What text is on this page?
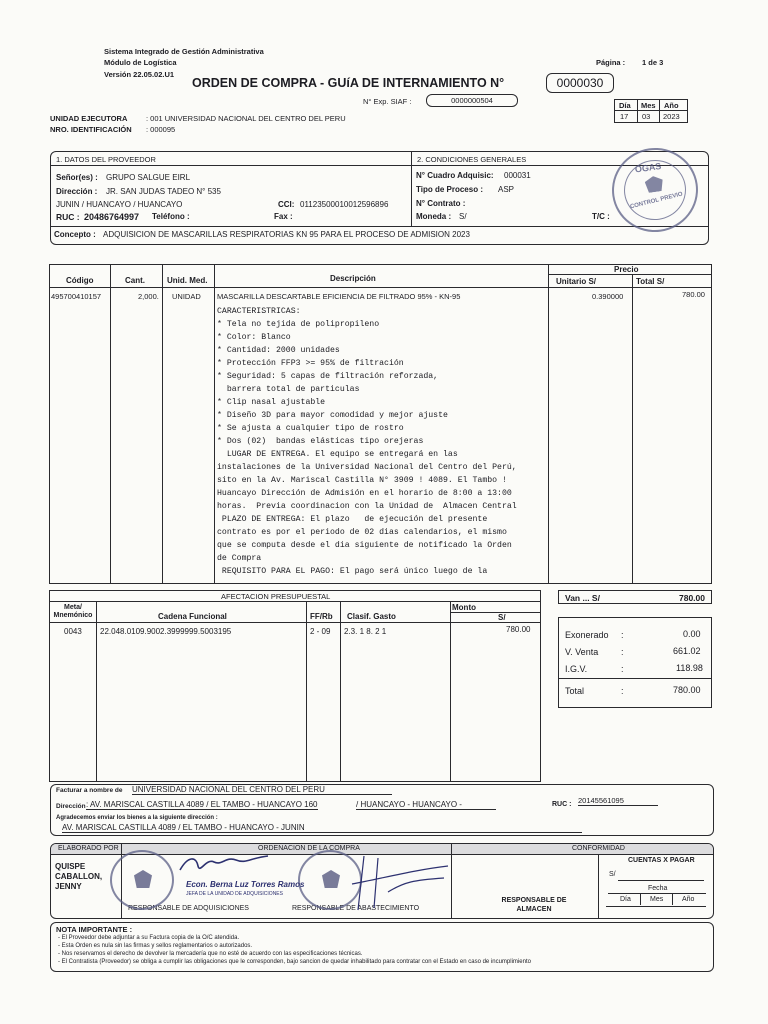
Sistema Integrado de Gestión Administrativa
Módulo de Logística
Versión 22.05.02.U1
Página : 1 de 3
ORDEN DE COMPRA - GUíA DE INTERNAMIENTO N°	0000030
N° Exp. SIAF :	0000000504
Día Mes Año
17 03 2023
UNIDAD EJECUTORA : 001 UNIVERSIDAD NACIONAL DEL CENTRO DEL PERU
NRO. IDENTIFICACIÓN : 000095
1. DATOS DEL PROVEEDOR	2. CONDICIONES GENERALES
Señor(es) : GRUPO SALGUE EIRL
Dirección : JR. SAN JUDAS TADEO N° 535
JUNIN / HUANCAYO / HUANCAYO	CCI: 01123500010012596896
RUC : 20486764997 Teléfono :	Fax :
N° Cuadro Adquisic: 000031
Tipo de Proceso : ASP
N° Contrato :
Moneda : S/	T/C :
Concepto : ADQUISICION DE MASCARILLAS RESPIRATORIAS KN 95 PARA EL PROCESO DE ADMISION 2023
OGAS
CONTROL PREVIO
Código	Cant.	Unid. Med.	Descripción
Precio
Unitario S/	Total S/
495700410157	2,000. UNIDAD MASCARILLA DESCARTABLE EFICIENCIA DE FILTRADO 95% - KN-95	0.390000	780.00
CARACTERISTRICAS:
* Tela no tejida de polipropileno
* Color: Blanco
* Cantidad: 2000 unidades
* Protección FFP3 >= 95% de filtración
* Seguridad: 5 capas de filtración reforzada,
barrera total de particulas
* Clip nasal ajustable
* Diseño 3D para mayor comodidad y mejor ajuste
* Se ajusta a cualquier tipo de rostro
* Dos (02)  bandas elásticas tipo orejeras
LUGAR DE ENTREGA. El equipo se entregará en las
instalaciones de la Universidad Nacional del Centro del Perú,
sito en la Av. Mariscal Castilla N° 3909 ! 4089. El Tambo !
Huancayo Dirección de Admisión en el horario de 8:00 a 13:00
horas.  Previa coordinacion con la Unidad de  Almacen Central
PLAZO DE ENTREGA: El plazo   de ejecución del presente
contrato es por el periodo de 02 dias calendarios, el mismo
que se computa desde el dia siguiente de notificado la Orden
de Compra
REQUISITO PARA EL PAGO: El pago será único luego de la
AFECTACION PRESUPUESTAL
Meta/ Mnemónico	Cadena Funcional	FF/Rb Clasif. Gasto
Monto
S/
0043 22.048.0109.9002.3999999.5003195	2 - 09 2.3. 1 8. 2 1	780.00
Van ... S/	780.00
Exonerado :	0.00
V. Venta	:	661.02
I.G.V.	:	118.98
Total	:	780.00
Facturar a nombre de UNIVERSIDAD NACIONAL DEL CENTRO DEL PERU
Dirección : AV. MARISCAL CASTILLA 4089 / EL TAMBO - HUANCAYO 160	/ HUANCAYO - HUANCAYO -	RUC : 20145561095
Agradecemos enviar los bienes a la siguiente dirección :
AV. MARISCAL CASTILLA 4089 / EL TAMBO - HUANCAYO - JUNIN
ELABORADO POR	ORDENACION DE LA COMPRA	CONFORMIDAD
QUISPE CABALLON, JENNY
RESPONSABLE DE ADQUISICIONES	RESPONSABLE DE ABASTECIMIENTO
RESPONSABLE DE ALMACEN
CUENTAS X PAGAR
S/
Fecha
Día	Mes	Año
Econ. Berna Luz Torres Ramos
JEFA DE LA UNIDAD DE ADQUISICIONES
NOTA IMPORTANTE :
- El Proveedor debe adjuntar a su Factura copia de la O/C atendida.
- Esta Orden es nula sin las firmas y sellos reglamentarios o autorizados.
- Nos reservamos el derecho de devolver la mercadería que no esté de acuerdo con las especificaciones técnicas.
- El Contratista (Proveedor) se obliga a cumplir las obligaciones que le corresponden, bajo sancion de quedar inhabilitado para contratar con el Estado en caso de incumplimiento
